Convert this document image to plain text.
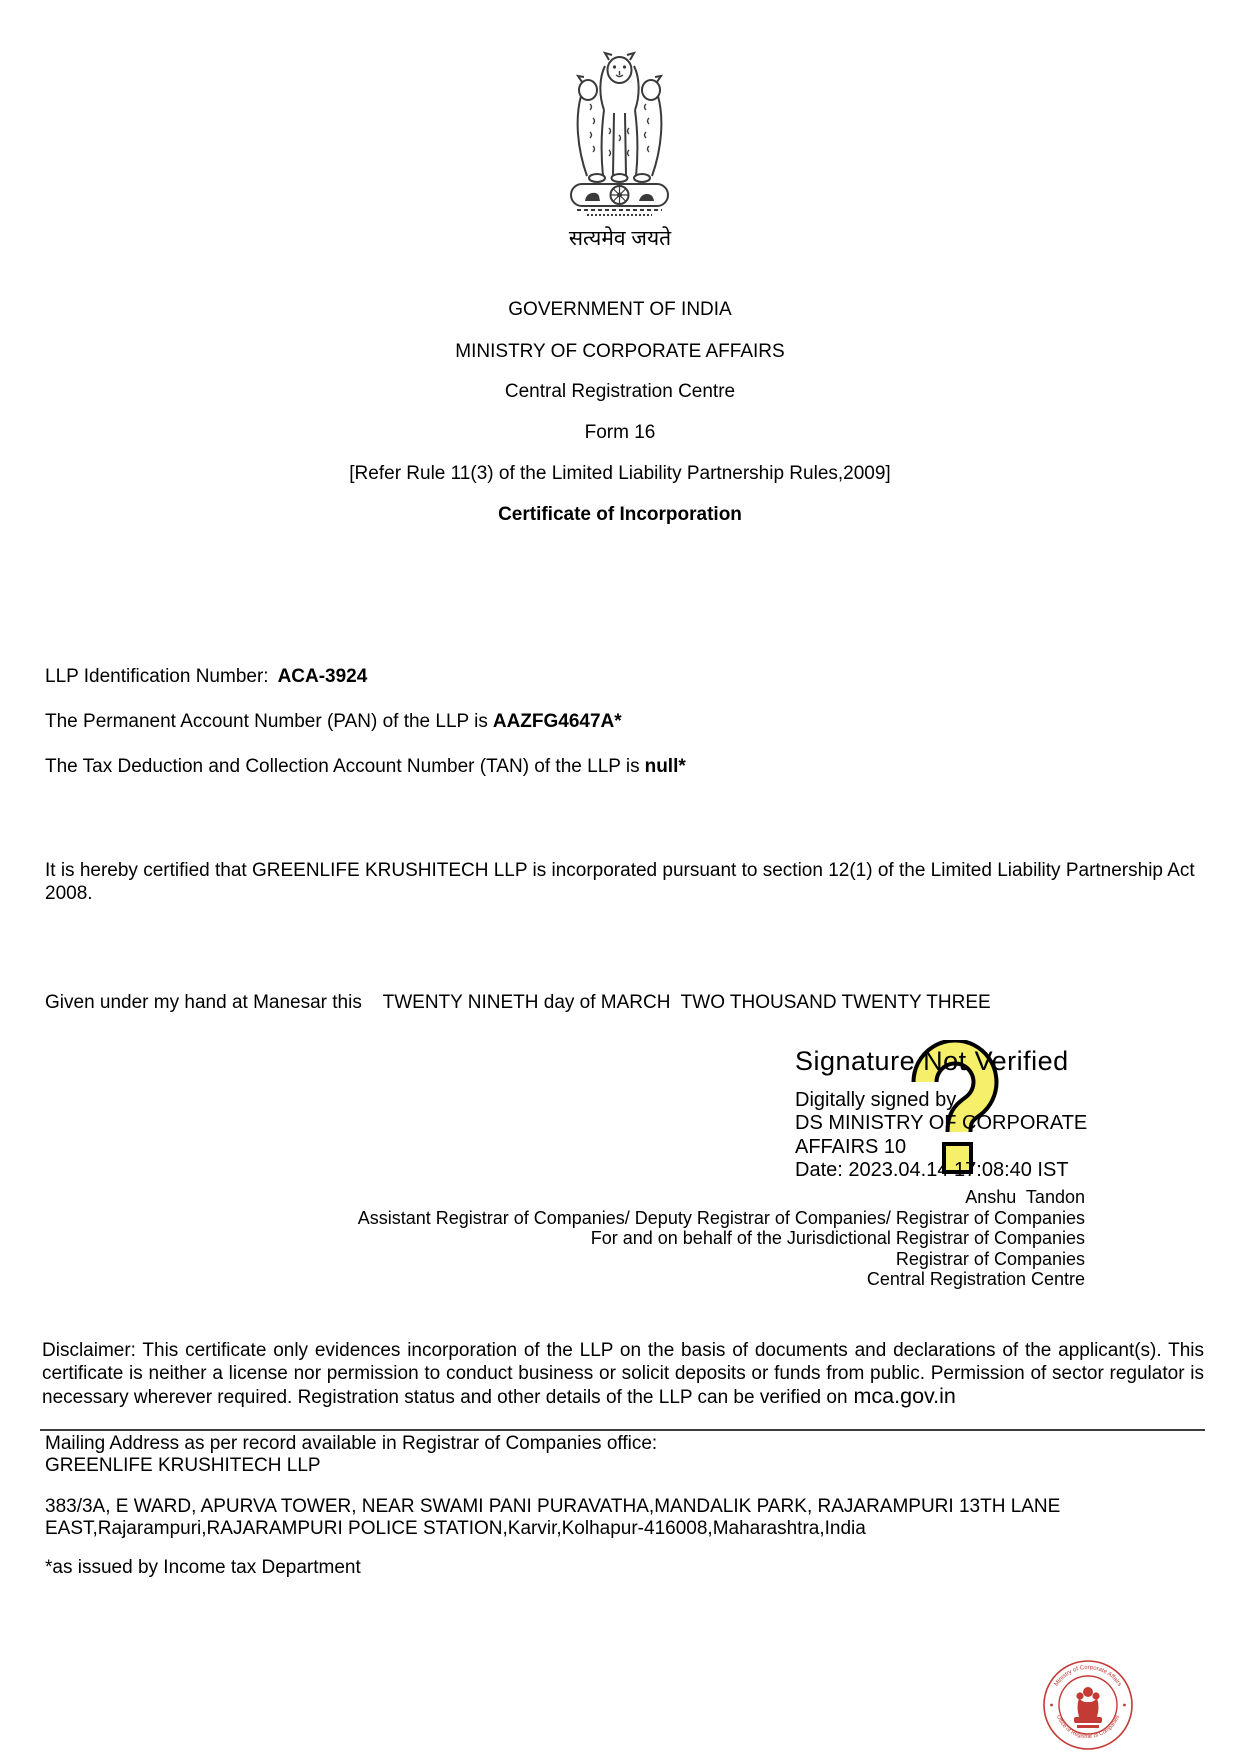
सत्यमेव जयते
GOVERNMENT OF INDIA
MINISTRY OF CORPORATE AFFAIRS
Central Registration Centre
Form 16
[Refer Rule 11(3) of the Limited Liability Partnership Rules,2009]
Certificate of Incorporation
LLP Identification Number: ACA-3924
The Permanent Account Number (PAN) of the LLP is AAZFG4647A*
The Tax Deduction and Collection Account Number (TAN) of the LLP is null*
It is hereby certified that GREENLIFE KRUSHITECH LLP is incorporated pursuant to section 12(1) of the Limited Liability Partnership Act 2008.
Given under my hand at Manesar this    TWENTY NINETH day of MARCH  TWO THOUSAND TWENTY THREE
Signature Not Verified
Digitally signed by
DS MINISTRY OF CORPORATE
AFFAIRS 10
Date: 2023.04.14 17:08:40 IST
Anshu  Tandon
Assistant Registrar of Companies/ Deputy Registrar of Companies/ Registrar of Companies
For and on behalf of the Jurisdictional Registrar of Companies
Registrar of Companies
Central Registration Centre
Disclaimer: This certificate only evidences incorporation of the LLP on the basis of documents and declarations of the applicant(s). This certificate is neither a license nor permission to conduct business or solicit deposits or funds from public. Permission of sector regulator is necessary wherever required. Registration status and other details of the LLP can be verified on mca.gov.in
Mailing Address as per record available in Registrar of Companies office:
GREENLIFE KRUSHITECH LLP
383/3A, E WARD, APURVA TOWER, NEAR SWAMI PANI PURAVATHA,MANDALIK PARK, RAJARAMPURI 13TH LANE EAST,Rajarampuri,RAJARAMPURI POLICE STATION,Karvir,Kolhapur-416008,Maharashtra,India
*as issued by Income tax Department
Ministry of Corporate Affairs
Office of Registrar of Companies
